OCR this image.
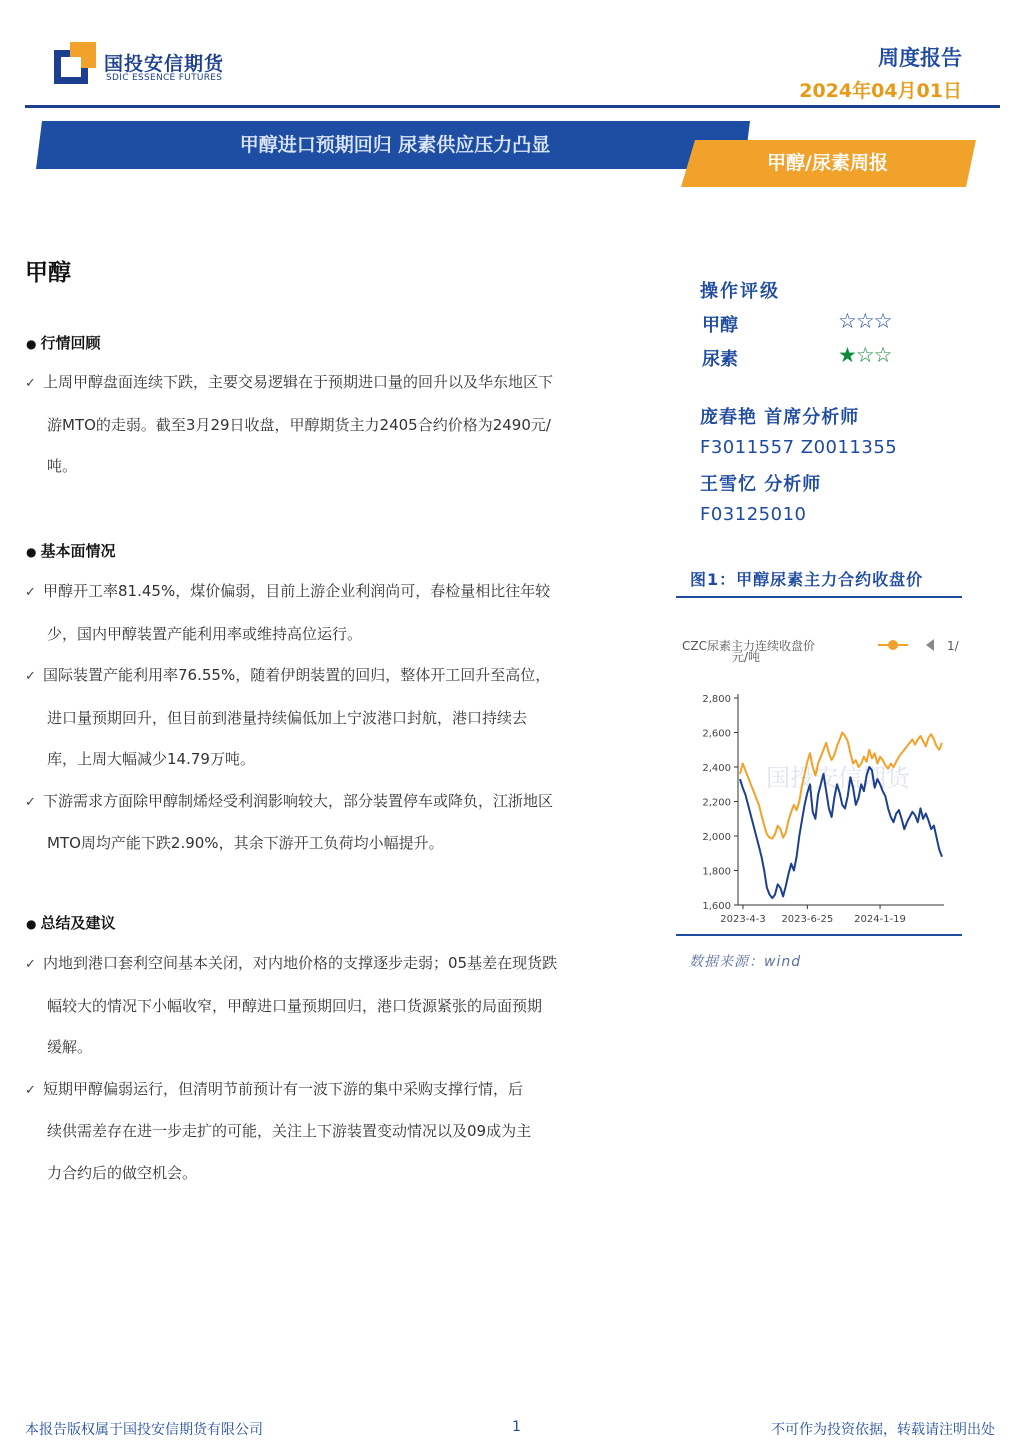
国投安信期货
SDIC ESSENCE FUTURES
周度报告
2024年04月01日
甲醇进口预期回归 尿素供应压力凸显
甲醇/尿素周报
甲醇
● 行情回顾
✓ 上周甲醇盘面连续下跌，主要交易逻辑在于预期进口量的回升以及华东地区下
游MTO的走弱。截至3月29日收盘，甲醇期货主力2405合约价格为2490元/
吨。
● 基本面情况
✓ 甲醇开工率81.45%，煤价偏弱，目前上游企业利润尚可，春检量相比往年较
少，国内甲醇装置产能利用率或维持高位运行。
✓ 国际装置产能利用率76.55%，随着伊朗装置的回归，整体开工回升至高位，
进口量预期回升，但目前到港量持续偏低加上宁波港口封航，港口持续去
库，上周大幅减少14.79万吨。
✓ 下游需求方面除甲醇制烯烃受利润影响较大，部分装置停车或降负，江浙地区
MTO周均产能下跌2.90%，其余下游开工负荷均小幅提升。
● 总结及建议
✓ 内地到港口套利空间基本关闭，对内地价格的支撑逐步走弱；05基差在现货跌
幅较大的情况下小幅收窄，甲醇进口量预期回归，港口货源紧张的局面预期
缓解。
✓ 短期甲醇偏弱运行，但清明节前预计有一波下游的集中采购支撑行情，后
续供需差存在进一步走扩的可能，关注上下游装置变动情况以及09成为主
力合约后的做空机会。
操作评级
甲醇	☆☆☆
尿素	★☆☆
庞春艳 首席分析师
F3011557 Z0011355
王雪忆 分析师
F03125010
图1：甲醇尿素主力合约收盘价
国投安信期货
CZC尿素主力连续收盘价	1/
元/吨
1,600
1,800
2,000
2,200
2,400
2,600
2,800
2023-4-3 2023-6-25 2024-1-19
数据来源：wind
本报告版权属于国投安信期货有限公司	1	不可作为投资依据，转载请注明出处
